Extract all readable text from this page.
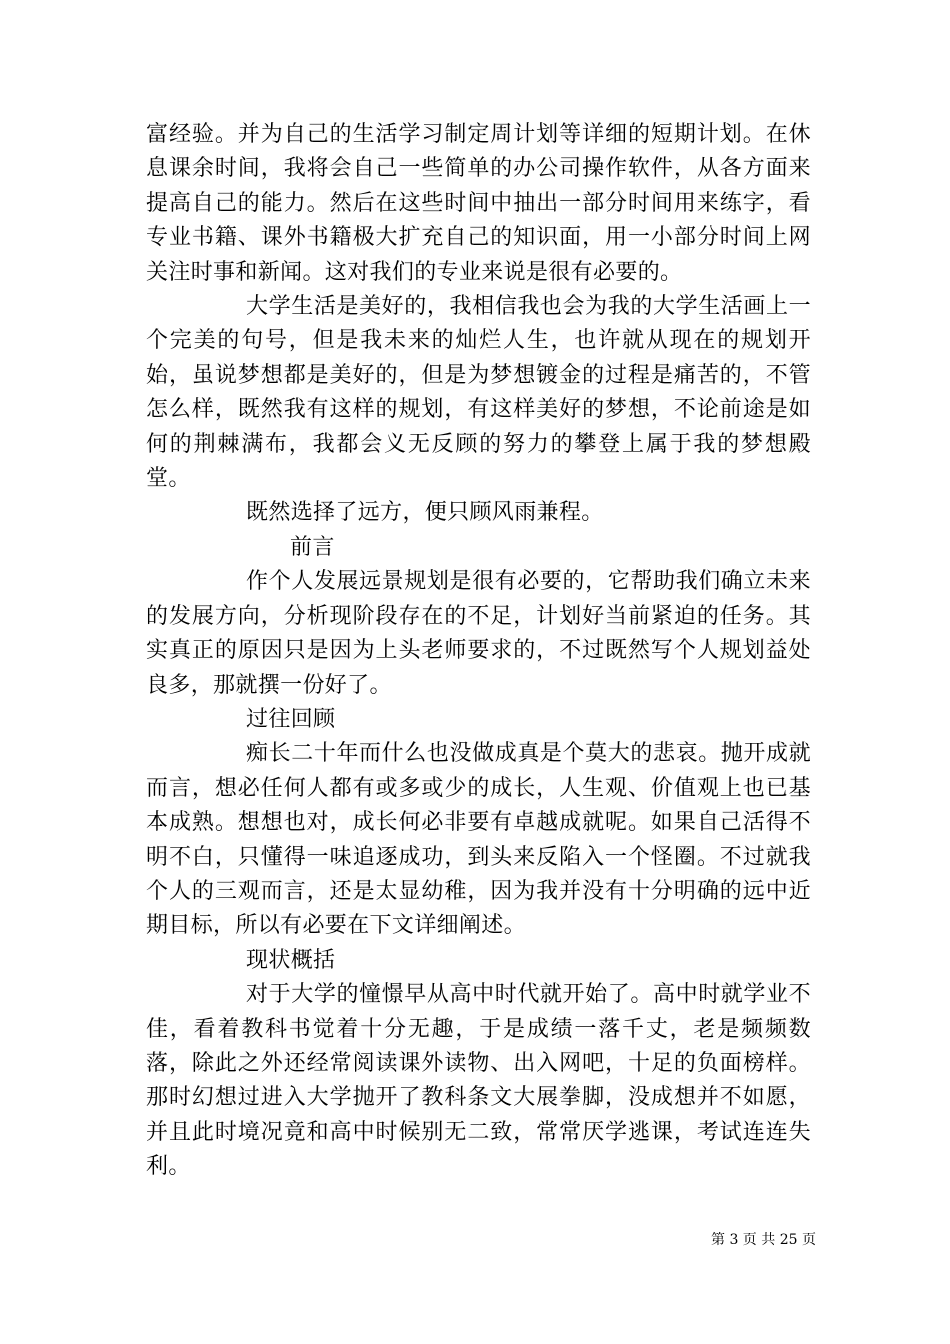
富经验。并为自己的生活学习制定周计划等详细的短期计划。在休息课余时间，我将会自己一些简单的办公司操作软件，从各方面来提高自己的能力。然后在这些时间中抽出一部分时间用来练字，看专业书籍、课外书籍极大扩充自己的知识面，用一小部分时间上网关注时事和新闻。这对我们的专业来说是很有必要的。

大学生活是美好的，我相信我也会为我的大学生活画上一个完美的句号，但是我未来的灿烂人生，也许就从现在的规划开始，虽说梦想都是美好的，但是为梦想镀金的过程是痛苦的，不管怎么样，既然我有这样的规划，有这样美好的梦想，不论前途是如何的荆棘满布，我都会义无反顾的努力的攀登上属于我的梦想殿堂。

既然选择了远方，便只顾风雨兼程。

前言

作个人发展远景规划是很有必要的，它帮助我们确立未来的发展方向，分析现阶段存在的不足，计划好当前紧迫的任务。其实真正的原因只是因为上头老师要求的，不过既然写个人规划益处良多，那就撰一份好了。

过往回顾

痴长二十年而什么也没做成真是个莫大的悲哀。抛开成就而言，想必任何人都有或多或少的成长，人生观、价值观上也已基本成熟。想想也对，成长何必非要有卓越成就呢。如果自己活得不明不白，只懂得一味追逐成功，到头来反陷入一个怪圈。不过就我个人的三观而言，还是太显幼稚，因为我并没有十分明确的远中近期目标，所以有必要在下文详细阐述。

现状概括

对于大学的憧憬早从高中时代就开始了。高中时就学业不佳，看着教科书觉着十分无趣，于是成绩一落千丈，老是频频数落，除此之外还经常阅读课外读物、出入网吧，十足的负面榜样。那时幻想过进入大学抛开了教科条文大展拳脚，没成想并不如愿，并且此时境况竟和高中时候别无二致，常常厌学逃课，考试连连失利。

第 3 页 共 25 页
